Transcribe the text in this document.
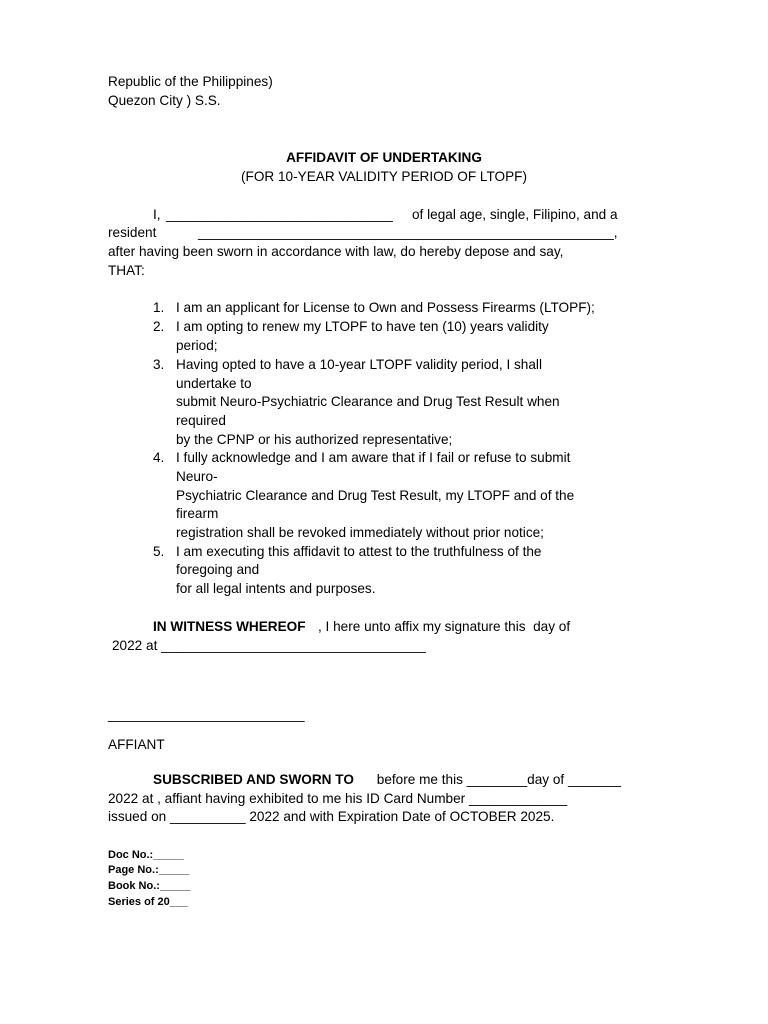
Republic of the Philippines)
Quezon City ) S.S.
AFFIDAVIT OF UNDERTAKING
(FOR 10-YEAR VALIDITY PERIOD OF LTOPF)
I, ______________________________ of legal age, single, Filipino, and a
resident	_______________________________________________________,
after having been sworn in accordance with law, do hereby depose and say,
THAT:
1. I am an applicant for License to Own and Possess Firearms (LTOPF);
2. I am opting to renew my LTOPF to have ten (10) years validity
period;
3. Having opted to have a 10-year LTOPF validity period, I shall
undertake to
submit Neuro-Psychiatric Clearance and Drug Test Result when
required
by the CPNP or his authorized representative;
4. I fully acknowledge and I am aware that if I fail or refuse to submit
Neuro-
Psychiatric Clearance and Drug Test Result, my LTOPF and of the
firearm
registration shall be revoked immediately without prior notice;
5. I am executing this affidavit to attest to the truthfulness of the
foregoing and
for all legal intents and purposes.
IN WITNESS WHEREOF , I here unto affix my signature this  day of
2022 at ___________________________________
__________________________
AFFIANT
SUBSCRIBED AND SWORN TO before me this ________day of _______
2022 at , affiant having exhibited to me his ID Card Number _____________
issued on __________ 2022 and with Expiration Date of OCTOBER 2025.
Doc No.:_____
Page No.:_____
Book No.:_____
Series of 20___
